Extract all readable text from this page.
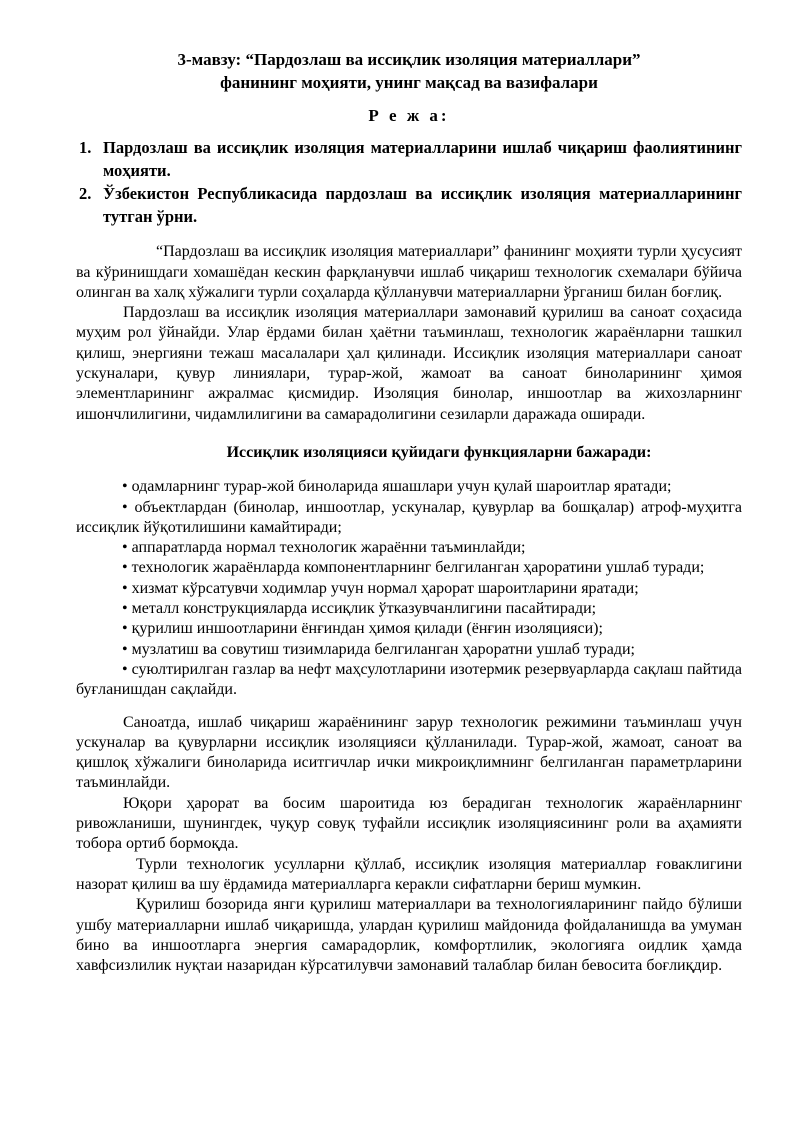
3-мавзу: “Пардозлаш ва иссиқлик изоляция материаллари”
фанининг моҳияти, унинг мақсад ва вазифалари

Р е ж а:

1. Пардозлаш ва иссиқлик изоляция материалларини ишлаб чиқариш фаолиятининг моҳияти.
2. Ўзбекистон Республикасида пардозлаш ва иссиқлик изоляция материалларининг тутган ўрни.

“Пардозлаш ва иссиқлик изоляция материаллари” фанининг моҳияти турли ҳусусият ва кўринишдаги хомашёдан кескин фарқланувчи ишлаб чиқариш технологик схемалари бўйича олинган ва халқ хўжалиги турли соҳаларда қўлланувчи материалларни ўрганиш билан боғлиқ.

Пардозлаш ва иссиқлик изоляция материаллари замонавий қурилиш ва саноат соҳасида муҳим рол ўйнайди. Улар ёрдами билан ҳаётни таъминлаш, технологик жараёнларни ташкил қилиш, энергияни тежаш масалалари ҳал қилинади. Иссиқлик изоляция материаллари саноат ускуналари, қувур линиялари, турар-жой, жамоат ва саноат биноларининг ҳимоя элементларининг ажралмас қисмидир. Изоляция бинолар, иншоотлар ва жихозларнинг ишончлилигини, чидамлилигини ва самарадолигини сезиларли даражада оширади.

Иссиқлик изоляцияси қуйидаги функцияларни бажаради:

• одамларнинг турар-жой биноларида яшашлари учун қулай шароитлар яратади;

• объектлардан (бинолар, иншоотлар, ускуналар, қувурлар ва бошқалар) атроф-муҳитга иссиқлик йўқотилишини камайтиради;

• аппаратларда нормал технологик жараённи таъминлайди;

• технологик жараёнларда компонентларнинг белгиланган ҳароратини ушлаб туради;

• хизмат кўрсатувчи ходимлар учун нормал ҳарорат шароитларини яратади;

• металл конструкцияларда иссиқлик ўтказувчанлигини пасайтиради;

• қурилиш иншоотларини ёнғиндан ҳимоя қилади (ёнғин изоляцияси);

• музлатиш ва совутиш тизимларида белгиланган ҳароратни ушлаб туради;

• суюлтирилган газлар ва нефт маҳсулотларини изотермик резервуарларда сақлаш пайтида буғланишдан сақлайди.

Саноатда, ишлаб чиқариш жараёнининг зарур технологик режимини таъминлаш учун ускуналар ва қувурларни иссиқлик изоляцияси қўлланилади. Турар-жой, жамоат, саноат ва қишлоқ хўжалиги биноларида иситгичлар ички микроиқлимнинг белгиланган параметрларини таъминлайди.

Юқори ҳарорат ва босим шароитида юз берадиган технологик жараёнларнинг ривожланиши, шунингдек, чуқур совуқ туфайли иссиқлик изоляциясининг роли ва аҳамияти тобора ортиб бормоқда.

Турли технологик усулларни қўллаб, иссиқлик изоляция материаллар ғоваклигини назорат қилиш ва шу ёрдамида материалларга керакли сифатларни бериш мумкин.

Қурилиш бозорида янги қурилиш материаллари ва технологияларининг пайдо бўлиши ушбу материалларни ишлаб чиқаришда, улардан қурилиш майдонида фойдаланишда ва умуман бино ва иншоотларга энергия самарадорлик, комфортлилик, экологияга оидлик ҳамда хавфсизлилик нуқтаи назаридан кўрсатилувчи замонавий талаблар билан бевосита боғлиқдир.
